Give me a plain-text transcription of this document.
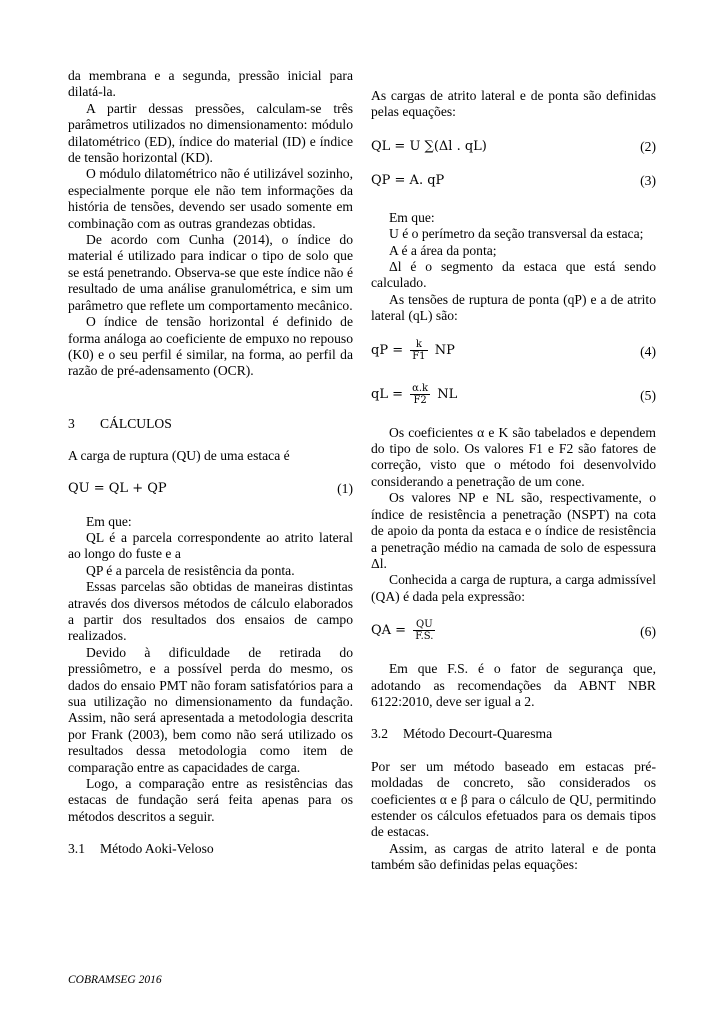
da membrana e a segunda, pressão inicial para dilatá-la.

A partir dessas pressões, calculam-se três parâmetros utilizados no dimensionamento: módulo dilatométrico (ED), índice do material (ID) e índice de tensão horizontal (KD).

O módulo dilatométrico não é utilizável sozinho, especialmente porque ele não tem informações da história de tensões, devendo ser usado somente em combinação com as outras grandezas obtidas.

De acordo com Cunha (2014), o índice do material é utilizado para indicar o tipo de solo que se está penetrando. Observa-se que este índice não é resultado de uma análise granulométrica, e sim um parâmetro que reflete um comportamento mecânico.

O índice de tensão horizontal é definido de forma análoga ao coeficiente de empuxo no repouso (K0) e o seu perfil é similar, na forma, ao perfil da razão de pré-adensamento (OCR).

3 CÁLCULOS

A carga de ruptura (QU) de uma estaca é

QU = QL + QP	(1)

Em que:

QL é a parcela correspondente ao atrito lateral ao longo do fuste e a

QP é a parcela de resistência da ponta.

Essas parcelas são obtidas de maneiras distintas através dos diversos métodos de cálculo elaborados a partir dos resultados dos ensaios de campo realizados.

Devido à dificuldade de retirada do pressiômetro, e a possível perda do mesmo, os dados do ensaio PMT não foram satisfatórios para a sua utilização no dimensionamento da fundação. Assim, não será apresentada a metodologia descrita por Frank (2003), bem como não será utilizado os resultados dessa metodologia como item de comparação entre as capacidades de carga.

Logo, a comparação entre as resistências das estacas de fundação será feita apenas para os métodos descritos a seguir.

3.1 Método Aoki-Veloso

As cargas de atrito lateral e de ponta são definidas pelas equações:

QL = U ∑(Δl . qL)	(2)
QP = A. qP	(3)

Em que:

U é o perímetro da seção transversal da estaca;

A é a área da ponta;

Δl é o segmento da estaca que está sendo calculado.

As tensões de ruptura de ponta (qP) e a de atrito lateral (qL) são:

qP = $\frac{k}{F1}$ NP	(4)
qL = $\frac{\alpha.k}{F2}$ NL	(5)

Os coeficientes α e K são tabelados e dependem do tipo de solo. Os valores F1 e F2 são fatores de correção, visto que o método foi desenvolvido considerando a penetração de um cone.

Os valores NP e NL são, respectivamente, o índice de resistência a penetração (NSPT) na cota de apoio da ponta da estaca e o índice de resistência a penetração médio na camada de solo de espessura Δl.

Conhecida a carga de ruptura, a carga admissível (QA) é dada pela expressão:

QA = $\frac{QU}{F.S.}$	(6)

Em que F.S. é o fator de segurança que, adotando as recomendações da ABNT NBR 6122:2010, deve ser igual a 2.

3.2 Método Decourt-Quaresma

Por ser um método baseado em estacas pré-moldadas de concreto, são considerados os coeficientes α e β para o cálculo de QU, permitindo estender os cálculos efetuados para os demais tipos de estacas.

Assim, as cargas de atrito lateral e de ponta também são definidas pelas equações:

COBRAMSEG 2016
